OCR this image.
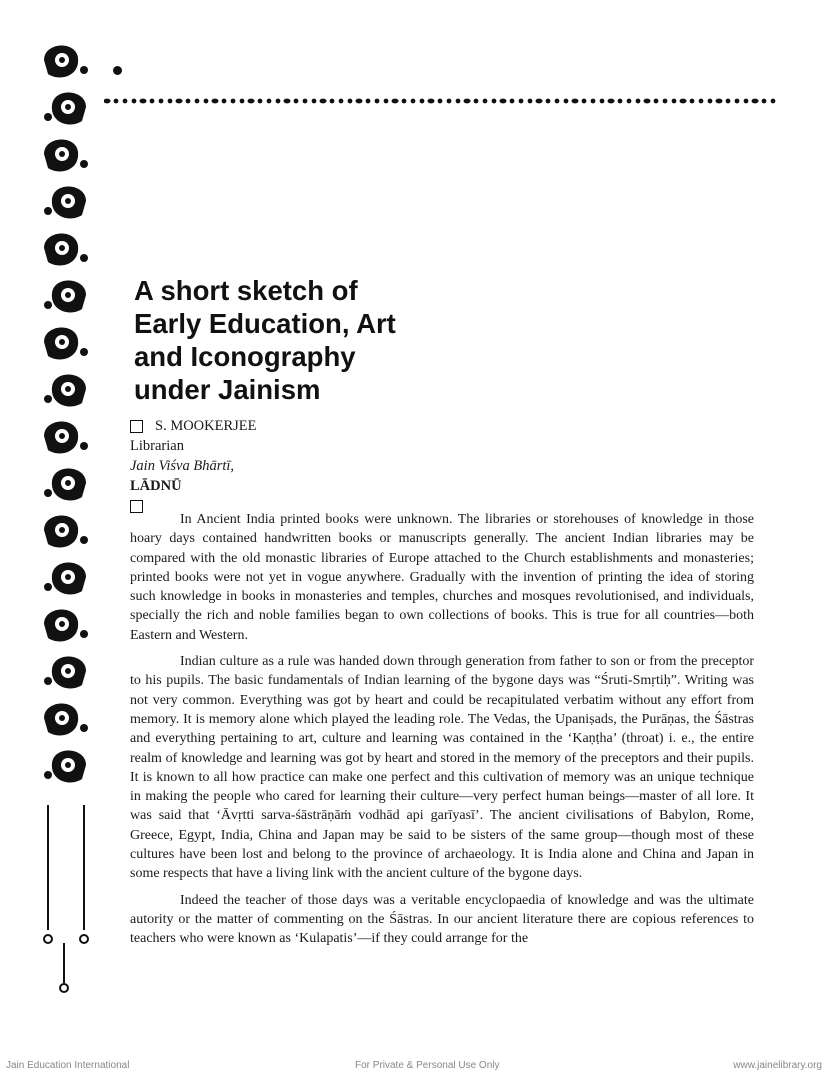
A short sketch of
Early Education, Art
and Iconography
under Jainism
S. MOOKERJEE
Librarian
Jain Viśva Bhārtī,
LĀDNŪ

In Ancient India printed books were unknown. The libraries or storehouses of knowledge in those hoary days contained handwritten books or manuscripts generally. The ancient Indian libraries may be compared with the old monastic libraries of Europe attached to the Church establishments and monasteries; printed books were not yet in vogue anywhere. Gradually with the invention of printing the idea of storing such knowledge in books in monasteries and temples, churches and mosques revolutionised, and individuals, specially the rich and noble families began to own collections of books. This is true for all countries—both Eastern and Western.

Indian culture as a rule was handed down through generation from father to son or from the preceptor to his pupils. The basic fundamentals of Indian learning of the bygone days was “Śruti-Smṛtiḥ”. Writing was not very common. Everything was got by heart and could be recapitulated verbatim without any effort from memory. It is memory alone which played the leading role. The Vedas, the Upaniṣads, the Purāṇas, the Śāstras and everything pertaining to art, culture and learning was contained in the ‘Kaṇṭha’ (throat) i. e., the entire realm of knowledge and learning was got by heart and stored in the memory of the preceptors and their pupils. It is known to all how practice can make one perfect and this cultivation of memory was an unique technique in making the people who cared for learning their culture—very perfect human beings—master of all lore. It was said that ‘Āvṛtti sarva-śāstrāṇāṁ vodhād api garīyasī’. The ancient civilisations of Babylon, Rome, Greece, Egypt, India, China and Japan may be said to be sisters of the same group—though most of these cultures have been lost and belong to the province of archaeology. It is India alone and China and Japan in some respects that have a living link with the ancient culture of the bygone days.

Indeed the teacher of those days was a veritable encyclopaedia of knowledge and was the ultimate autority or the matter of commenting on the Śāstras. In our ancient literature there are copious references to teachers who were known as ‘Kulapatis’—if they could arrange for the

Jain Education International	For Private & Personal Use Only	www.jainelibrary.org
